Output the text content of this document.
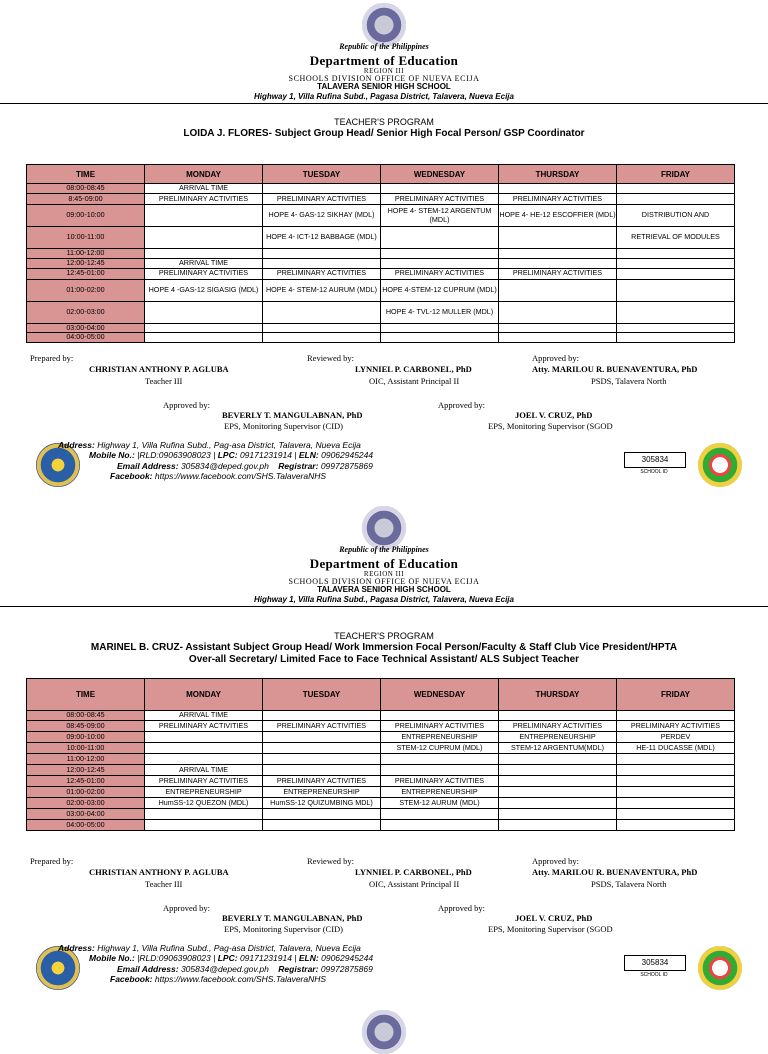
Republic of the Philippines
Department of Education
REGION III
SCHOOLS DIVISION OFFICE OF NUEVA ECIJA
TALAVERA SENIOR HIGH SCHOOL
Highway 1, Villa Rufina Subd., Pagasa District, Talavera, Nueva Ecija
TEACHER'S PROGRAM
LOIDA J. FLORES- Subject Group Head/ Senior High Focal Person/ GSP Coordinator
TIME	MONDAY	TUESDAY	WEDNESDAY	THURSDAY	FRIDAY
08:00-08:45	ARRIVAL TIME				
8:45-09:00	PRELIMINARY ACTIVITIES	PRELIMINARY ACTIVITIES	PRELIMINARY ACTIVITIES	PRELIMINARY ACTIVITIES	
09:00-10:00		HOPE 4- GAS-12 SIKHAY (MDL)	HOPE 4- STEM-12 ARGENTUM (MDL)	HOPE 4- HE-12 ESCOFFIER (MDL)	DISTRIBUTION AND
10:00-11:00		HOPE 4- ICT-12 BABBAGE (MDL)			RETRIEVAL OF MODULES
11:00-12:00					
12:00-12:45	ARRIVAL TIME				
12:45-01:00	PRELIMINARY ACTIVITIES	PRELIMINARY ACTIVITIES	PRELIMINARY ACTIVITIES	PRELIMINARY ACTIVITIES	
01:00-02:00	HOPE 4 -GAS-12 SIGASIG (MDL)	HOPE 4- STEM-12 AURUM (MDL)	HOPE 4-STEM-12 CUPRUM (MDL)		
02:00-03:00			HOPE 4- TVL-12 MULLER (MDL)		
03:00-04:00					
04:00-05:00					
Prepared by:
CHRISTIAN ANTHONY P. AGLUBA
Teacher III
Reviewed by:
LYNNIEL P. CARBONEL, PhD
OIC, Assistant Principal II
Approved by:
Atty. MARILOU R. BUENAVENTURA, PhD
PSDS, Talavera North
Approved by:
BEVERLY T. MANGULABNAN, PhD
EPS, Monitoring Supervisor (CID)
Approved by:
JOEL V. CRUZ, PhD
EPS, Monitoring Supervisor (SGOD
Address: Highway 1, Villa Rufina Subd., Pag-asa District, Talavera, Nueva Ecija
Mobile No.: |RLD:09063908023 | LPC: 09171231914 | ELN: 09062945244
Email Address: 305834@deped.gov.ph Registrar: 09972875869
Facebook: https://www.facebook.com/SHS.TalaveraNHS
305834
SCHOOL ID
Republic of the Philippines
Department of Education
REGION III
SCHOOLS DIVISION OFFICE OF NUEVA ECIJA
TALAVERA SENIOR HIGH SCHOOL
Highway 1, Villa Rufina Subd., Pagasa District, Talavera, Nueva Ecija
TEACHER'S PROGRAM
MARINEL B. CRUZ- Assistant Subject Group Head/ Work Immersion Focal Person/Faculty & Staff Club Vice President/HPTA
Over-all Secretary/ Limited Face to Face Technical Assistant/ ALS Subject Teacher
TIME	MONDAY	TUESDAY	WEDNESDAY	THURSDAY	FRIDAY
08:00-08:45	ARRIVAL TIME				
08:45-09:00	PRELIMINARY ACTIVITIES	PRELIMINARY ACTIVITIES	PRELIMINARY ACTIVITIES	PRELIMINARY ACTIVITIES	PRELIMINARY ACTIVITIES
09:00-10:00			ENTREPRENEURSHIP	ENTREPRENEURSHIP	PERDEV
10:00-11:00			STEM-12 CUPRUM (MDL)	STEM-12 ARGENTUM(MDL)	HE-11 DUCASSE (MDL)
11:00-12:00					
12:00-12:45	ARRIVAL TIME				
12:45-01:00	PRELIMINARY ACTIVITIES	PRELIMINARY ACTIVITIES	PRELIMINARY ACTIVITIES		
01:00-02:00	ENTREPRENEURSHIP	ENTREPRENEURSHIP	ENTREPRENEURSHIP		
02:00-03:00	HumSS-12 QUEZON (MDL)	HumSS-12 QUIZUMBING MDL)	STEM-12 AURUM (MDL)		
03:00-04:00					
04:00-05:00					
Prepared by:
CHRISTIAN ANTHONY P. AGLUBA
Teacher III
Reviewed by:
LYNNIEL P. CARBONEL, PhD
OIC, Assistant Principal II
Approved by:
Atty. MARILOU R. BUENAVENTURA, PhD
PSDS, Talavera North
Approved by:
BEVERLY T. MANGULABNAN, PhD
EPS, Monitoring Supervisor (CID)
Approved by:
JOEL V. CRUZ, PhD
EPS, Monitoring Supervisor (SGOD
Address: Highway 1, Villa Rufina Subd., Pag-asa District, Talavera, Nueva Ecija
Mobile No.: |RLD:09063908023 | LPC: 09171231914 | ELN: 09062945244
Email Address: 305834@deped.gov.ph Registrar: 09972875869
Facebook: https://www.facebook.com/SHS.TalaveraNHS
305834
SCHOOL ID
